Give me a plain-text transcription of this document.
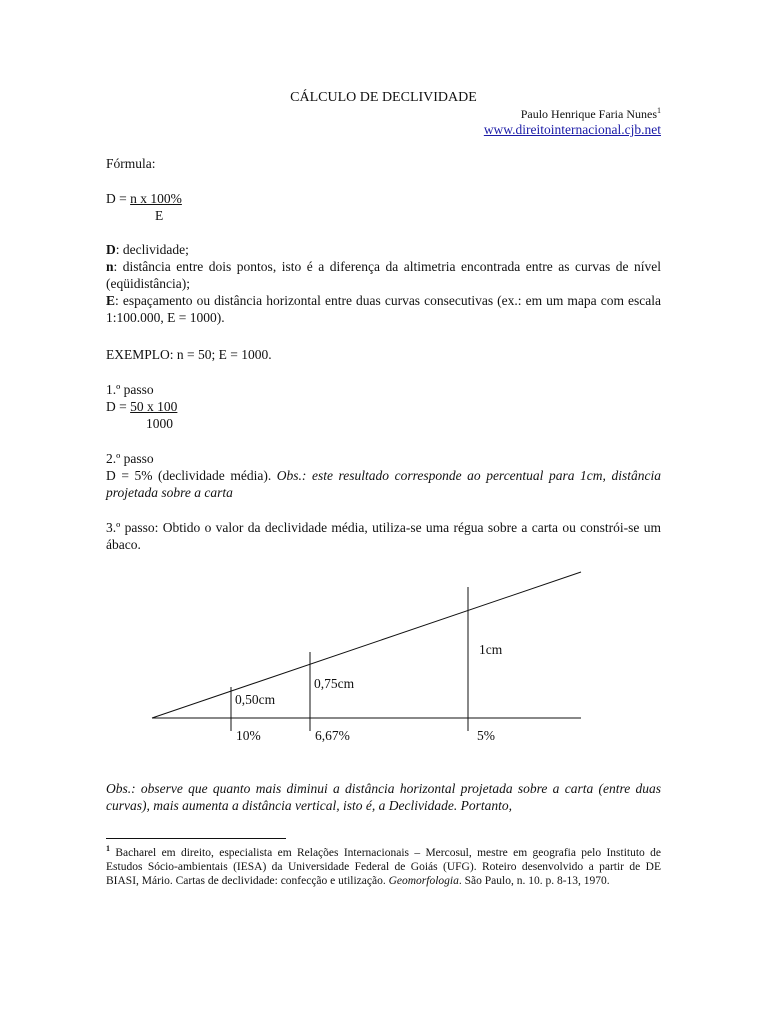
CÁLCULO DE DECLIVIDADE
Paulo Henrique Faria Nunes$^1$
www.direitointernacional.cjb.net
Fórmula:
D = n x 100%
E
D: declividade;
n: distância entre dois pontos, isto é a diferença da altimetria encontrada entre as curvas de nível (eqüidistância);
E: espaçamento ou distância horizontal entre duas curvas consecutivas (ex.: em um mapa com escala 1:100.000, E = 1000).
EXEMPLO: n = 50; E = 1000.
1.º passo
D = 50 x 100
1000
2.º passo
D = 5% (declividade média). Obs.: este resultado corresponde ao percentual para 1cm, distância projetada sobre a carta
3.º passo: Obtido o valor da declividade média, utiliza-se uma régua sobre a carta ou constrói-se um ábaco.
0,50cm
0,75cm
1cm
10%	6,67%	5%
Obs.: observe que quanto mais diminui a distância horizontal projetada sobre a carta (entre duas curvas), mais aumenta a distância vertical, isto é, a Declividade. Portanto,
$^1$ Bacharel em direito, especialista em Relações Internacionais – Mercosul, mestre em geografia pelo Instituto de Estudos Sócio-ambientais (IESA) da Universidade Federal de Goiás (UFG). Roteiro desenvolvido a partir de DE BIASI, Mário. Cartas de declividade: confecção e utilização. Geomorfologia. São Paulo, n. 10. p. 8-13, 1970.
